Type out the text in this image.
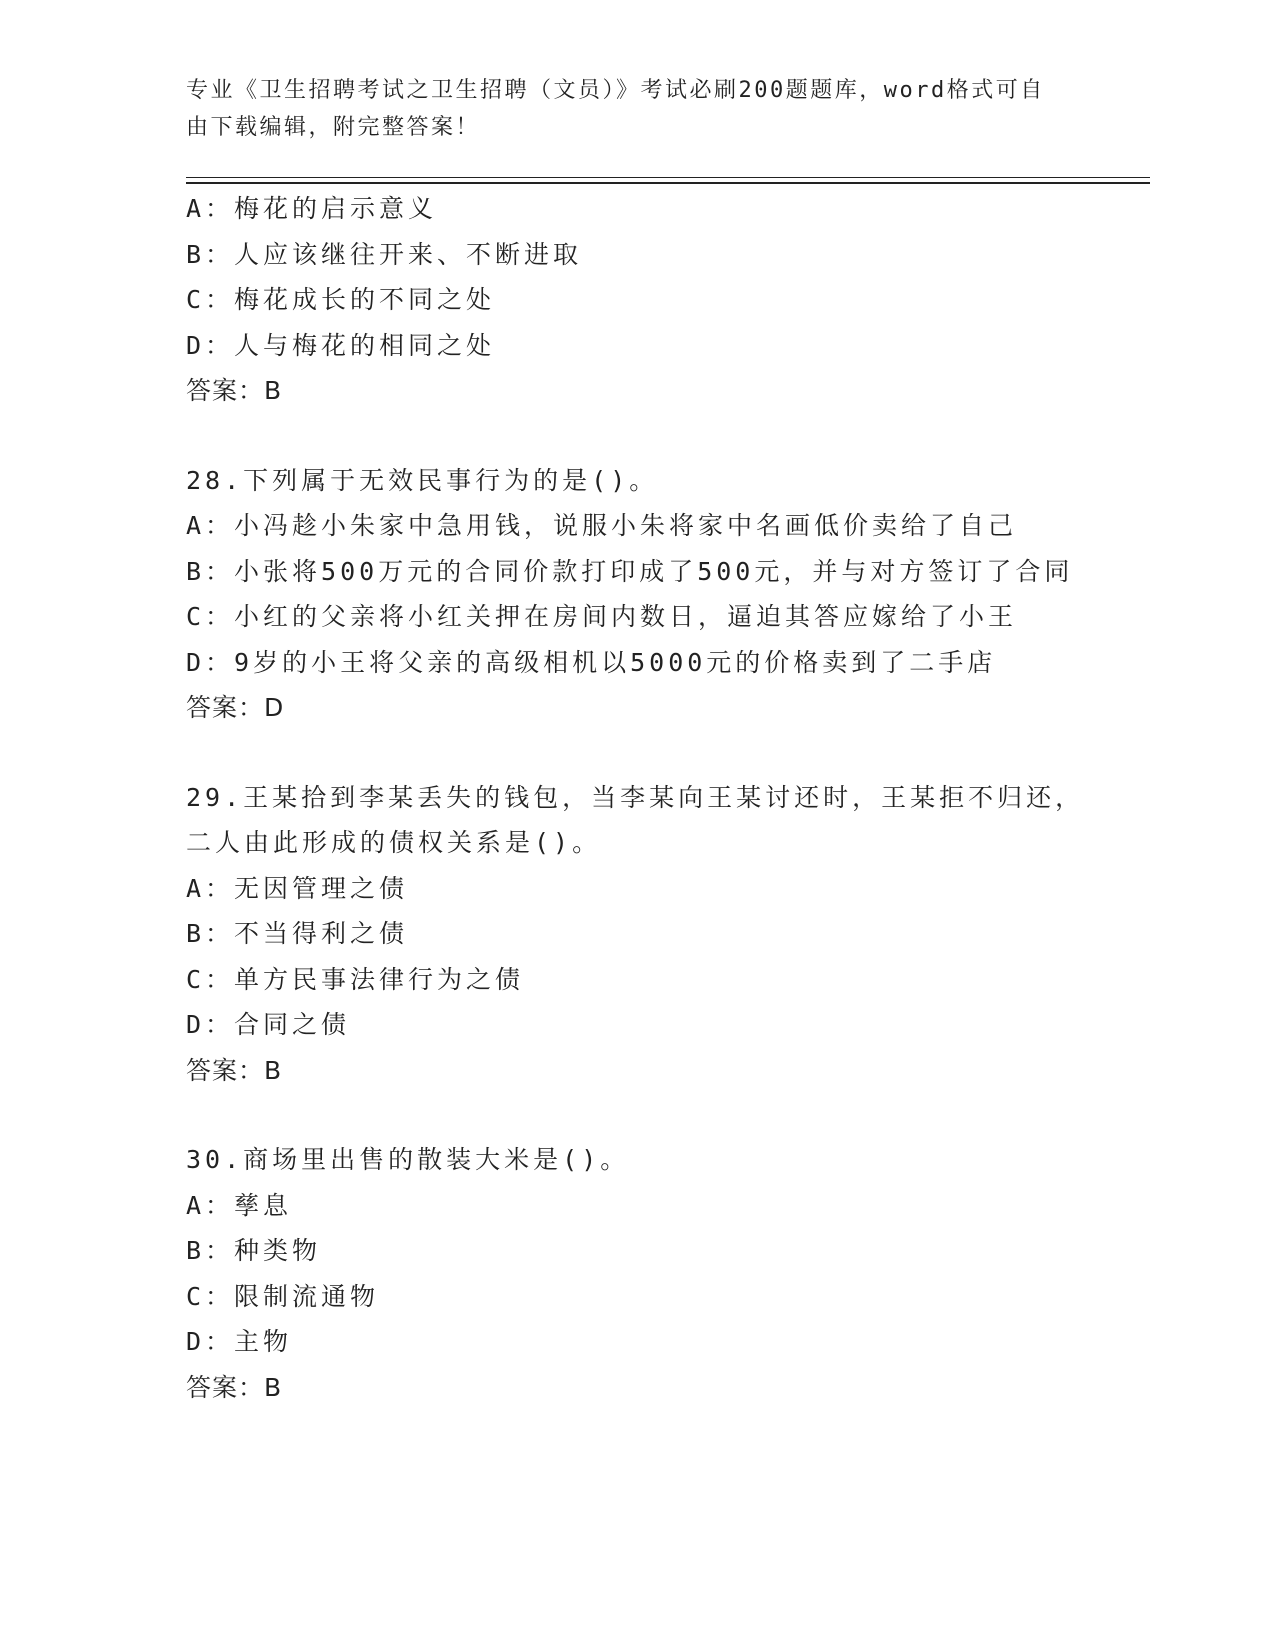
专业《卫生招聘考试之卫生招聘（文员）》考试必刷200题题库，word格式可自由下载编辑，附完整答案！
A：梅花的启示意义
B：人应该继往开来、不断进取
C：梅花成长的不同之处
D：人与梅花的相同之处
答案：B
28.下列属于无效民事行为的是()。
A：小冯趁小朱家中急用钱，说服小朱将家中名画低价卖给了自己
B：小张将500万元的合同价款打印成了500元，并与对方签订了合同
C：小红的父亲将小红关押在房间内数日，逼迫其答应嫁给了小王
D：9岁的小王将父亲的高级相机以5000元的价格卖到了二手店
答案：D
29.王某拾到李某丢失的钱包，当李某向王某讨还时，王某拒不归还，
二人由此形成的债权关系是()。
A：无因管理之债
B：不当得利之债
C：单方民事法律行为之债
D：合同之债
答案：B
30.商场里出售的散装大米是()。
A：孳息
B：种类物
C：限制流通物
D：主物
答案：B
